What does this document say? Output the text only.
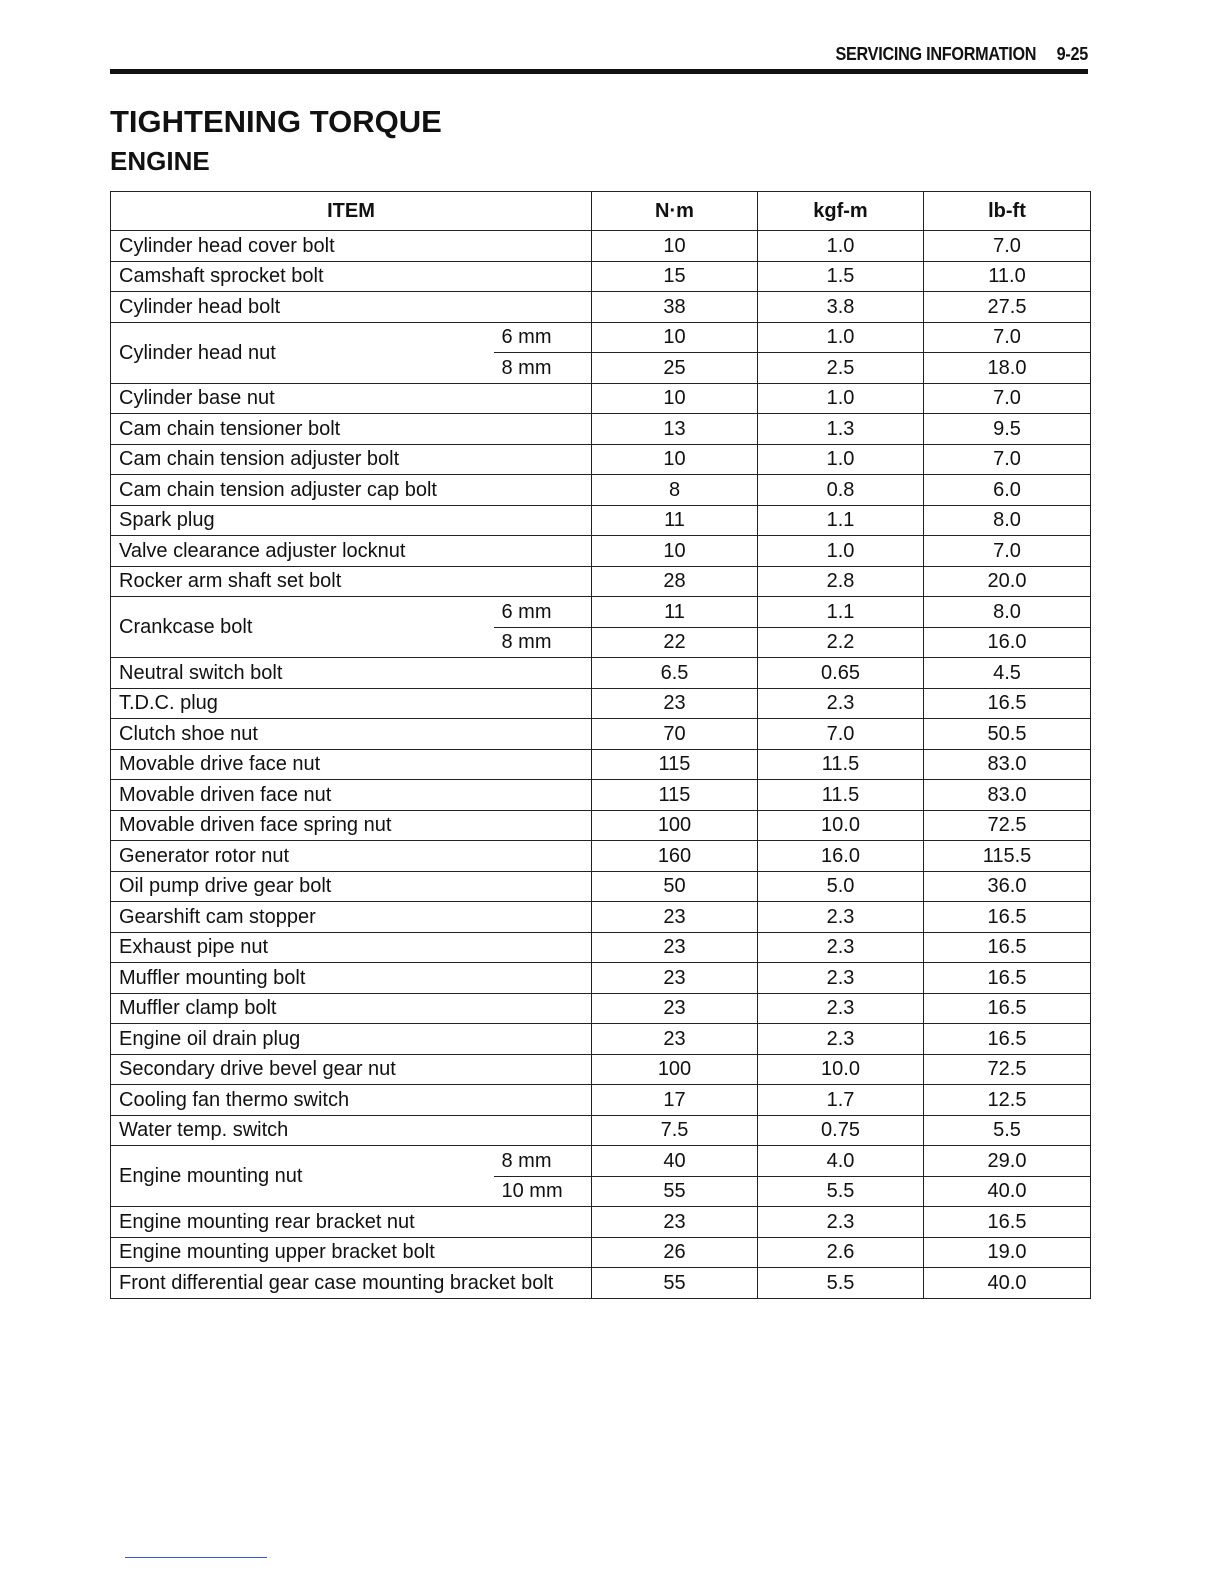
SERVICING INFORMATION 9-25
TIGHTENING TORQUE
ENGINE
ITEM		N·m	kgf-m	lb-ft
Cylinder head cover bolt		10	1.0	7.0
Camshaft sprocket bolt		15	1.5	11.0
Cylinder head bolt		38	3.8	27.5
Cylinder head nut	6 mm	10	1.0	7.0
	8 mm	25	2.5	18.0
Cylinder base nut		10	1.0	7.0
Cam chain tensioner bolt		13	1.3	9.5
Cam chain tension adjuster bolt		10	1.0	7.0
Cam chain tension adjuster cap bolt		8	0.8	6.0
Spark plug		11	1.1	8.0
Valve clearance adjuster locknut		10	1.0	7.0
Rocker arm shaft set bolt		28	2.8	20.0
Crankcase bolt	6 mm	11	1.1	8.0
	8 mm	22	2.2	16.0
Neutral switch bolt		6.5	0.65	4.5
T.D.C. plug		23	2.3	16.5
Clutch shoe nut		70	7.0	50.5
Movable drive face nut		115	11.5	83.0
Movable driven face nut		115	11.5	83.0
Movable driven face spring nut		100	10.0	72.5
Generator rotor nut		160	16.0	115.5
Oil pump drive gear bolt		50	5.0	36.0
Gearshift cam stopper		23	2.3	16.5
Exhaust pipe nut		23	2.3	16.5
Muffler mounting bolt		23	2.3	16.5
Muffler clamp bolt		23	2.3	16.5
Engine oil drain plug		23	2.3	16.5
Secondary drive bevel gear nut		100	10.0	72.5
Cooling fan thermo switch		17	1.7	12.5
Water temp. switch		7.5	0.75	5.5
Engine mounting nut	8 mm	40	4.0	29.0
	10 mm	55	5.5	40.0
Engine mounting rear bracket nut		23	2.3	16.5
Engine mounting upper bracket bolt		26	2.6	19.0
Front differential gear case mounting bracket bolt		55	5.5	40.0
